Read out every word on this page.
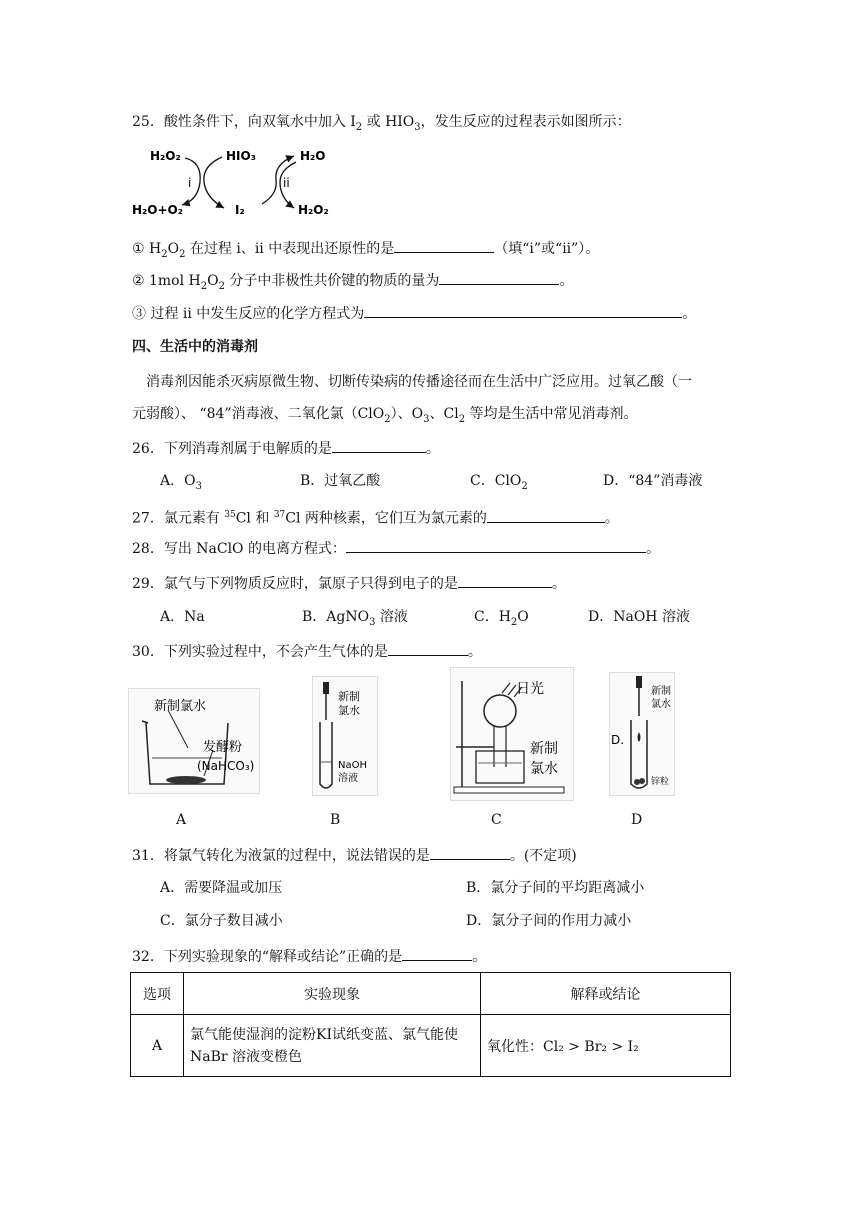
25．酸性条件下，向双氧水中加入 $I_2$ 或 $HIO_3$，发生反应的过程表示如图所示：
H₂O₂
H₂O+O₂
HIO₃
I₂
H₂O
H₂O₂
i	ii
① $H_2O_2$ 在过程 i、ii 中表现出还原性的是	（填“i”或“ii”）。
② 1mol $H_2O_2$ 分子中非极性共价键的物质的量为	。
③ 过程 ii 中发生反应的化学方程式为	。
四、生活中的消毒剂
消毒剂因能杀灭病原微生物、切断传染病的传播途径而在生活中广泛应用。过氧乙酸（一
元弱酸）、 “84”消毒液、二氧化氯（ClO$_2$）、$O_3$、$Cl_2$ 等均是生活中常见消毒剂。
26．下列消毒剂属于电解质的是	。
A．$O_3$	B．过氧乙酸	C．ClO$_2$	D．“84”消毒液
27．氯元素有 $^{35}$Cl 和 $^{37}$Cl 两种核素，它们互为氯元素的	。
28．写出 NaClO 的电离方程式：	。
29．氯气与下列物质反应时，氯原子只得到电子的是	。
A．Na	B．AgNO$_3$ 溶液	C．$H_2O$	D．NaOH 溶液
30．下列实验过程中，不会产生气体的是	。
新制氯水
发酵粉
(NaHCO₃)
A
新制
氯水
NaOH
溶液
B
日光
新制
氯水
C
新制
氯水
D.
锌粒
D
31．将氯气转化为液氯的过程中，说法错误的是	。(不定项)
A．需要降温或加压	B．氯分子间的平均距离减小
C．氯分子数目减小	D．氯分子间的作用力减小
32．下列实验现象的“解释或结论”正确的是	。
选项	实验现象	解释或结论
A	氯气能使湿润的淀粉KI试纸变蓝、氯气能使
NaBr 溶液变橙色	氧化性：Cl₂ > Br₂ > I₂
